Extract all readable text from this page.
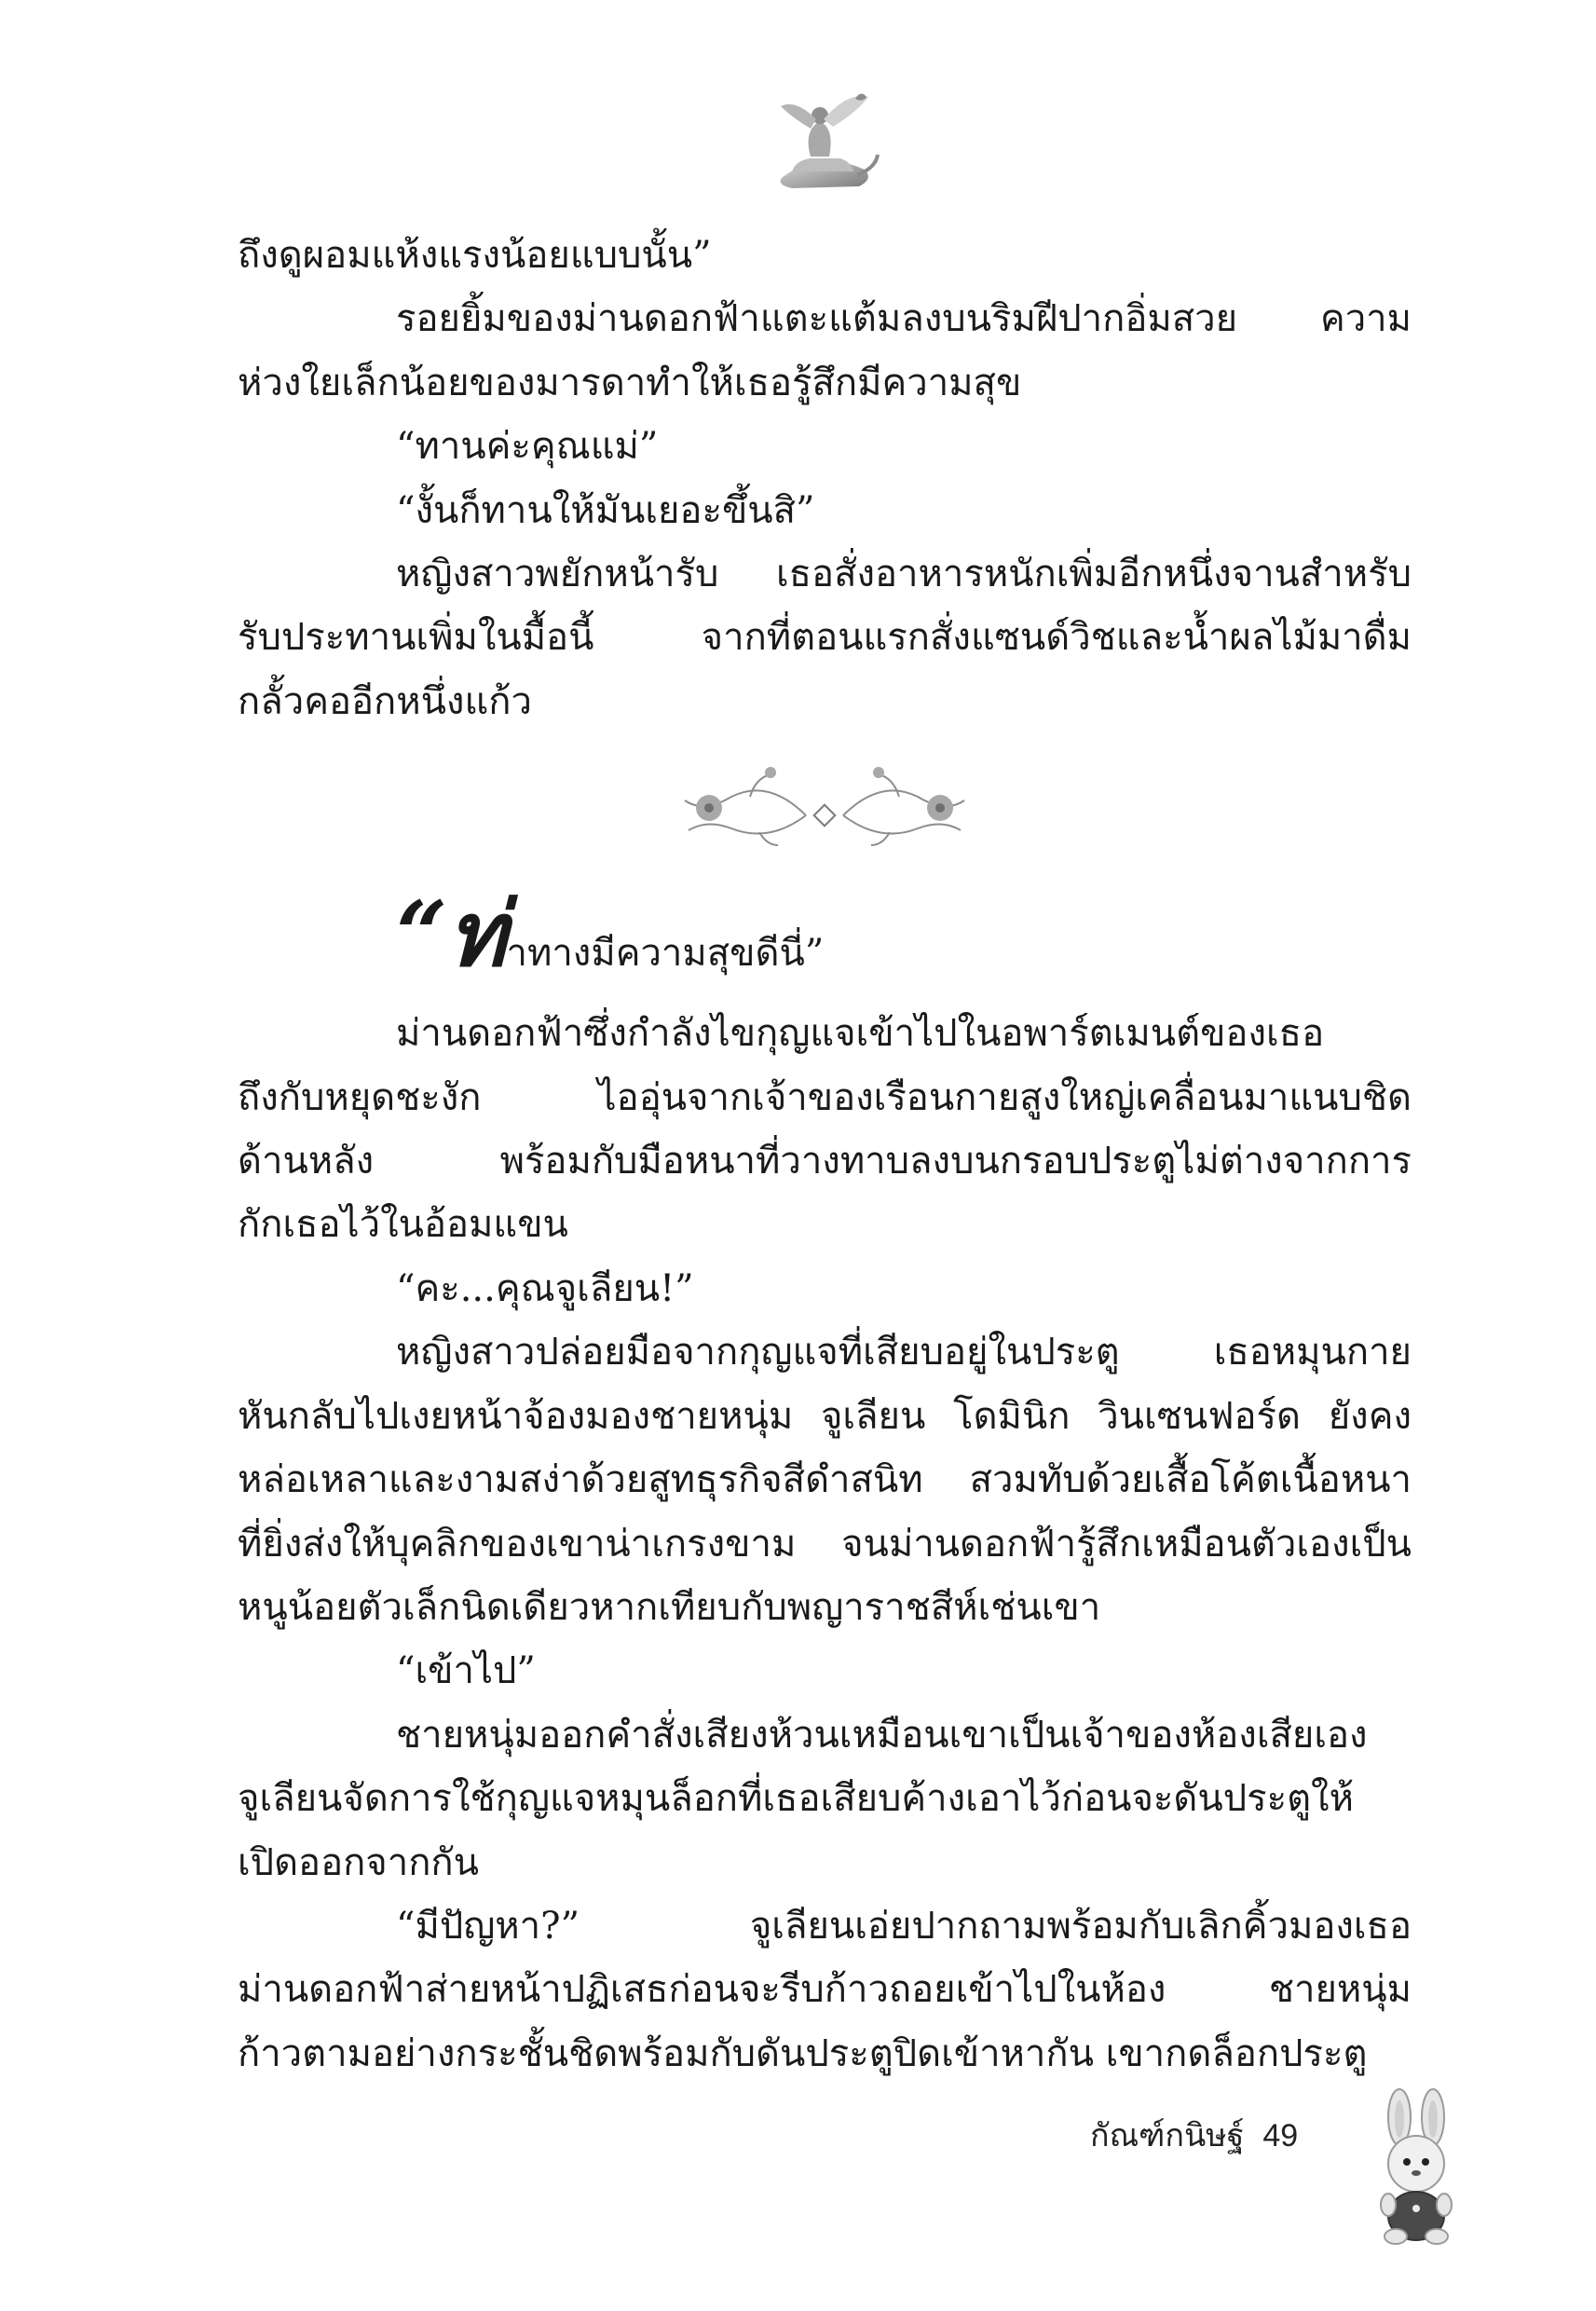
ถึงดูผอมแห้งแรงน้อยแบบนั้น”
รอยยิ้มของม่านดอกฟ้าแตะแต้มลงบนริมฝีปากอิ่มสวย ความ
ห่วงใยเล็กน้อยของมารดาทำให้เธอรู้สึกมีความสุข
“ทานค่ะคุณแม่”
“งั้นก็ทานให้มันเยอะขึ้นสิ”
หญิงสาวพยักหน้ารับ เธอสั่งอาหารหนักเพิ่มอีกหนึ่งจานสำหรับ
รับประทานเพิ่มในมื้อนี้ จากที่ตอนแรกสั่งแซนด์วิชและน้ำผลไม้มาดื่ม
กลั้วคออีกหนึ่งแก้ว
“ท่าทางมีความสุขดีนี่”
ม่านดอกฟ้าซึ่งกำลังไขกุญแจเข้าไปในอพาร์ตเมนต์ของเธอ
ถึงกับหยุดชะงัก ไออุ่นจากเจ้าของเรือนกายสูงใหญ่เคลื่อนมาแนบชิด
ด้านหลัง พร้อมกับมือหนาที่วางทาบลงบนกรอบประตูไม่ต่างจากการ
กักเธอไว้ในอ้อมแขน
“คะ...คุณจูเลียน!”
หญิงสาวปล่อยมือจากกุญแจที่เสียบอยู่ในประตู เธอหมุนกาย
หันกลับไปเงยหน้าจ้องมองชายหนุ่ม จูเลียน โดมินิก วินเซนฟอร์ด ยังคง
หล่อเหลาและงามสง่าด้วยสูทธุรกิจสีดำสนิท สวมทับด้วยเสื้อโค้ตเนื้อหนา
ที่ยิ่งส่งให้บุคลิกของเขาน่าเกรงขาม จนม่านดอกฟ้ารู้สึกเหมือนตัวเองเป็น
หนูน้อยตัวเล็กนิดเดียวหากเทียบกับพญาราชสีห์เช่นเขา
“เข้าไป”
ชายหนุ่มออกคำสั่งเสียงห้วนเหมือนเขาเป็นเจ้าของห้องเสียเอง
จูเลียนจัดการใช้กุญแจหมุนล็อกที่เธอเสียบค้างเอาไว้ก่อนจะดันประตูให้
เปิดออกจากกัน
“มีปัญหา?” จูเลียนเอ่ยปากถามพร้อมกับเลิกคิ้วมองเธอ
ม่านดอกฟ้าส่ายหน้าปฏิเสธก่อนจะรีบก้าวถอยเข้าไปในห้อง ชายหนุ่ม
ก้าวตามอย่างกระชั้นชิดพร้อมกับดันประตูปิดเข้าหากัน เขากดล็อกประตู
กัณฑ์กนิษฐ์ 49
